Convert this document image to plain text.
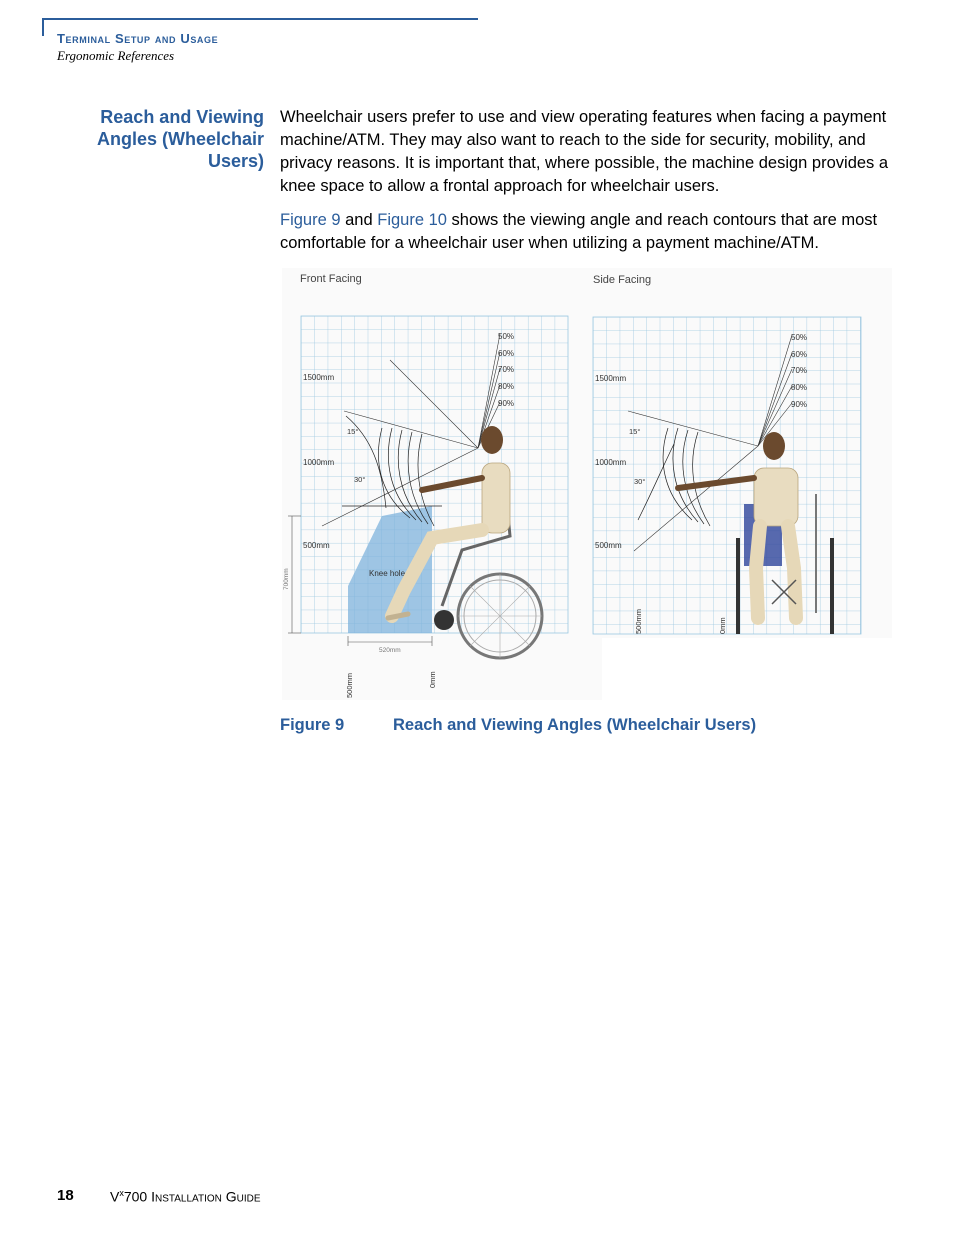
Terminal Setup and Usage
Ergonomic References
Reach and Viewing Angles (Wheelchair Users)

Wheelchair users prefer to use and view operating features when facing a payment machine/ATM. They may also want to reach to the side for security, mobility, and privacy reasons. It is important that, where possible, the machine design provides a knee space to allow a frontal approach for wheelchair users.

Figure 9 and Figure 10 shows the viewing angle and reach contours that are most comfortable for a wheelchair user when utilizing a payment machine/ATM.

Front Facing	Side Facing
Knee hole
1500mm
1000mm
500mm
50%
60%
70%
80%
90%
15°
30°
700mm
520mm
500mm	0mm
1500mm
1000mm
500mm
50%
60%
70%
80%
90%
15°
30°
500mm	0mm
Figure 9	Reach and Viewing Angles (Wheelchair Users)
18	$V^x700$ Installation Guide
